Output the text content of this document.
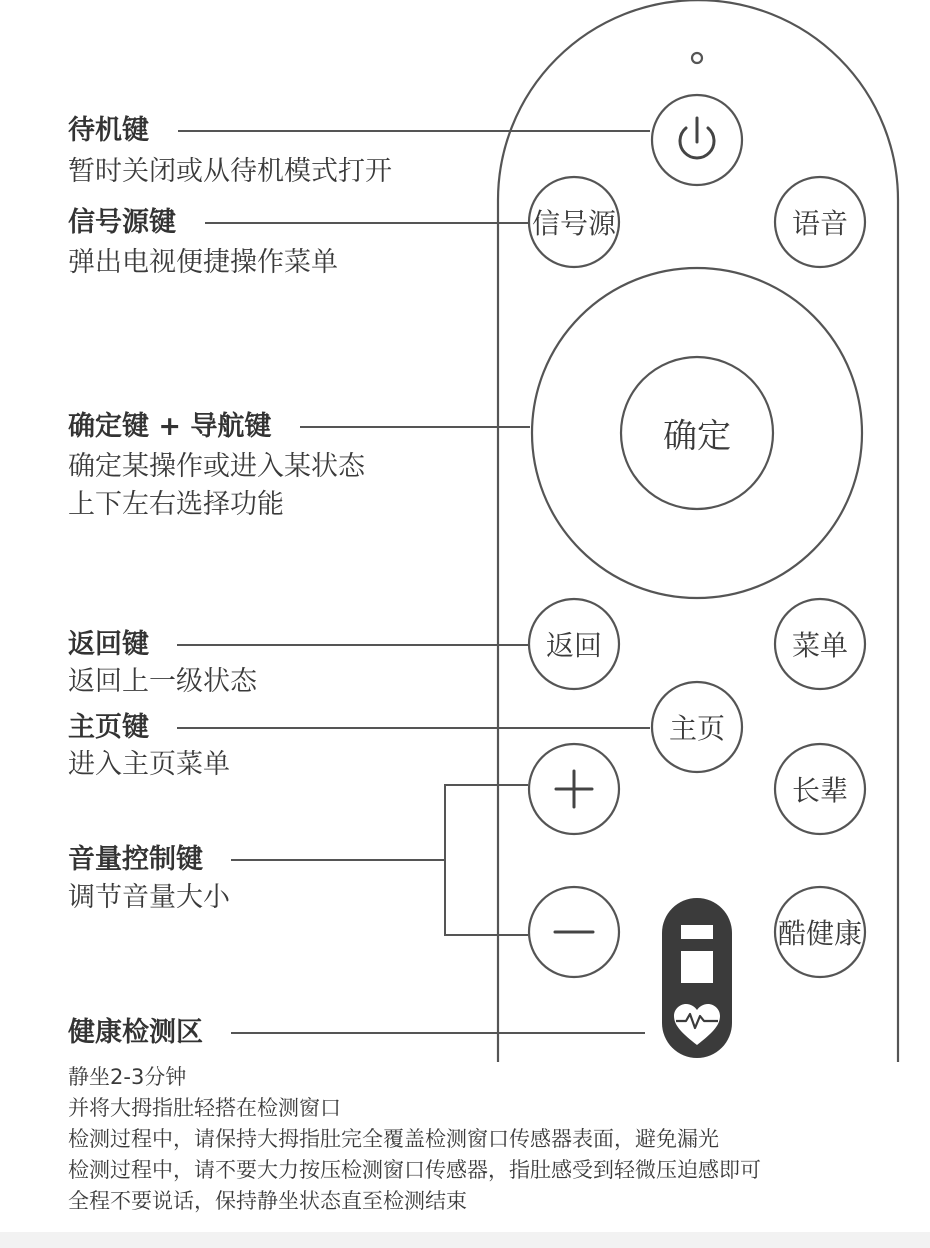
信号源	语音
确定
返回	菜单
主页
长辈
酷健康
待机键
暂时关闭或从待机模式打开
信号源键
弹出电视便捷操作菜单
确定键 + 导航键
确定某操作或进入某状态
上下左右选择功能
返回键
返回上一级状态
主页键
进入主页菜单
音量控制键
调节音量大小
健康检测区
静坐2-3分钟
并将大拇指肚轻搭在检测窗口
检测过程中，请保持大拇指肚完全覆盖检测窗口传感器表面，避免漏光
检测过程中，请不要大力按压检测窗口传感器，指肚感受到轻微压迫感即可
全程不要说话，保持静坐状态直至检测结束
